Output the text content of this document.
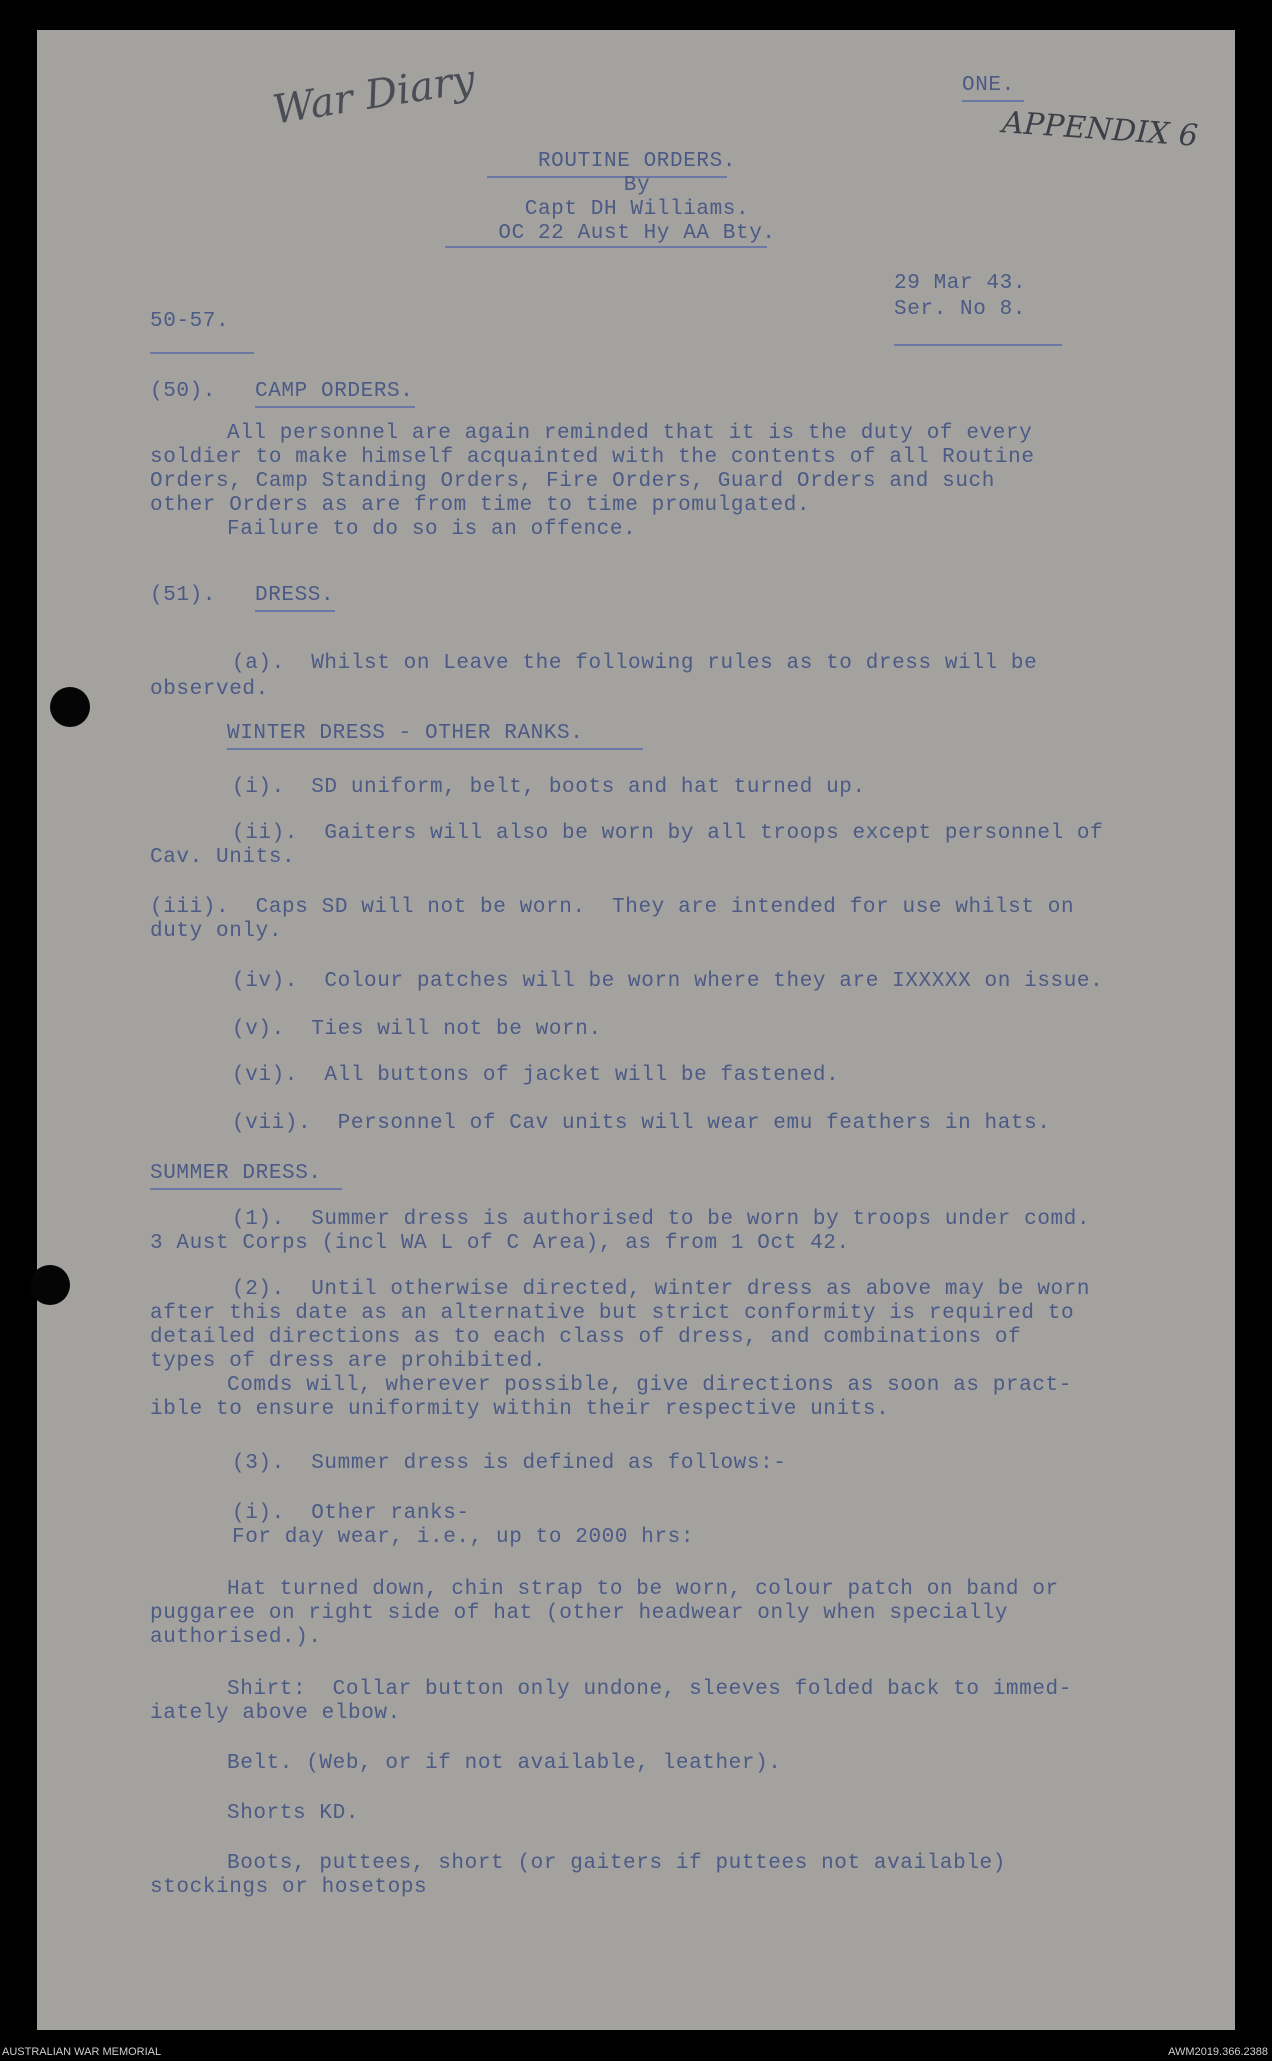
War Diary	APPENDIX 6
ONE.
ROUTINE ORDERS.
By
Capt DH Williams.
OC 22 Aust Hy AA Bty.
29 Mar 43.
Ser. No 8.
50-57.
(50). CAMP ORDERS.
All personnel are again reminded that it is the duty of every
soldier to make himself acquainted with the contents of all Routine
Orders, Camp Standing Orders, Fire Orders, Guard Orders and such
other Orders as are from time to time promulgated.
Failure to do so is an offence.
(51). DRESS.
(a).  Whilst on Leave the following rules as to dress will be
observed.
WINTER DRESS - OTHER RANKS.
(i).  SD uniform, belt, boots and hat turned up.
(ii).  Gaiters will also be worn by all troops except personnel of
Cav. Units.
(iii).  Caps SD will not be worn.  They are intended for use whilst on
duty only.
(iv).  Colour patches will be worn where they are IXXXXX on issue.
(v).  Ties will not be worn.
(vi).  All buttons of jacket will be fastened.
(vii).  Personnel of Cav units will wear emu feathers in hats.
SUMMER DRESS.
(1).  Summer dress is authorised to be worn by troops under comd.
3 Aust Corps (incl WA L of C Area), as from 1 Oct 42.
(2).  Until otherwise directed, winter dress as above may be worn
after this date as an alternative but strict conformity is required to
detailed directions as to each class of dress, and combinations of
types of dress are prohibited.
Comds will, wherever possible, give directions as soon as pract-
ible to ensure uniformity within their respective units.
(3).  Summer dress is defined as follows:-
(i).  Other ranks-
For day wear, i.e., up to 2000 hrs:
Hat turned down, chin strap to be worn, colour patch on band or
puggaree on right side of hat (other headwear only when specially
authorised.).
Shirt:  Collar button only undone, sleeves folded back to immed-
iately above elbow.
Belt. (Web, or if not available, leather).
Shorts KD.
Boots, puttees, short (or gaiters if puttees not available)
stockings or hosetops
AUSTRALIAN WAR MEMORIAL	AWM2019.366.2388
